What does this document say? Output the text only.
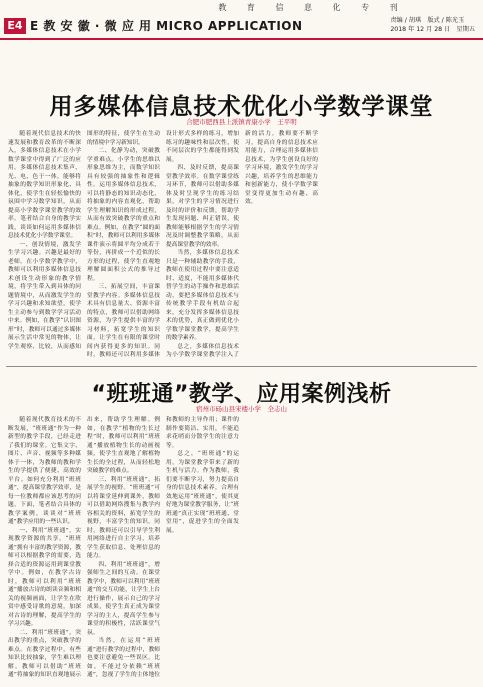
教 育 信 息 化 专 刊
E4 E 教 安 徽 · 微 应 用 MICRO APPLICATION	责编 / 胡琪　版式 / 陈光玉
2018 年 12 月 28 日　星期五
用多媒体信息技术优化小学数学课堂
合肥市肥西县上派镇青康小学　王平明

随着现代信息技术的快速发展和教育改革的不断深入，多媒体信息技术在小学数学课堂中得到了广泛的应用。多媒体信息技术集声、光、电、色于一体，能够将抽象的数学知识形象化、具体化，使学生在轻松愉快的氛围中学习数学知识，从而提高小学数学课堂教学的效率。笔者结合自身的教学实践，谈谈如何运用多媒体信息技术优化小学数学课堂。

一、创设情境，激发学生学习兴趣。兴趣是最好的老师。在小学数学教学中，教师可以利用多媒体信息技术创设生动形象的教学情境，将学生带入到具体的问题情境中，从而激发学生的学习兴趣和求知欲望，使学生主动参与到数学学习活动中来。例如，在教学“认识图形”时，教师可以通过多媒体展示生活中常见的物体，让学生观察、比较，从而感知图形的特征，使学生在生动的情境中学习新知识。

二、化静为动，突破教学重难点。小学生的思维以形象思维为主，而数学知识具有较强的抽象性和逻辑性。运用多媒体信息技术，可以将静态的知识动态化，将抽象的内容直观化，帮助学生理解知识的形成过程，从而有效突破教学的重点和难点。例如，在教学“圆的面积”时，教师可以利用多媒体课件演示将圆平均分成若干等份，再拼成一个近似的长方形的过程，使学生直观地理解圆面积公式的推导过程。

三、拓展空间，丰富课堂教学内容。多媒体信息技术具有信息量大、资源丰富的特点，教师可以借助网络资源，为学生提供丰富的学习材料，拓宽学生的知识面，让学生在有限的课堂时间内获得更多的知识。同时，教师还可以利用多媒体设计形式多样的练习，增加练习的趣味性和层次性，使不同层次的学生都能得到发展。

四、及时反馈，提高课堂教学效率。在数学课堂练习环节，教师可以借助多媒体及时呈现学生的练习结果，对学生的学习情况进行及时的评价和反馈，帮助学生发现问题、纠正错误，使教师能够根据学生的学习情况及时调整教学策略，从而提高课堂教学的效率。

当然，多媒体信息技术只是一种辅助教学的手段，教师在使用过程中要注意适时、适度，不能用多媒体代替学生的动手操作和思维活动，要把多媒体信息技术与传统教学手段有机结合起来，充分发挥多媒体信息技术的优势，真正做到优化小学数学课堂教学，提高学生的数学素养。

总之，多媒体信息技术为小学数学课堂教学注入了新的活力。教师要不断学习，提高自身的信息技术应用能力，合理运用多媒体信息技术，为学生创设良好的学习环境，激发学生的学习兴趣，培养学生的思维能力和创新能力，使小学数学课堂变得更加生动有趣、高效。

“班班通”教学、应用案例浅析
宿州市砀山县宋楼小学　全志山

随着现代教育技术的不断发展，“班班通”作为一种新型的教学手段，已经走进了我们的课堂。它集文字、图片、声音、视频等多种媒体于一体，为教师的教和学生的学提供了便捷、高效的平台。如何充分利用“班班通”，提高课堂教学效率，是每一位教师都应该思考的问题。下面，笔者结合具体的教学案例，谈谈对“班班通”教学应用的一些认识。

一、利用“班班通”，实现教学资源的共享。“班班通”拥有丰富的教学资源，教师可以根据教学的需要，选择合适的资源运用到课堂教学中。例如，在教学古诗时，教师可以利用“班班通”播放古诗的朗读音频和相关的视频画面，让学生在欣赏中感受诗歌的意境，加深对古诗的理解，提高学生的学习兴趣。

二、利用“班班通”，突出教学的重点，突破教学的难点。在教学过程中，有些知识比较抽象，学生难以理解。教师可以借助“班班通”将抽象的知识直观地展示出来，帮助学生理解。例如，在教学“植物的生长过程”时，教师可以利用“班班通”播放植物生长的动画视频，使学生直观地了解植物生长的全过程，从而轻松地突破教学的难点。

三、利用“班班通”，拓展学生的视野。“班班通”可以将课堂延伸到课外，教师可以借助网络搜集与教学内容相关的资料，拓宽学生的视野，丰富学生的知识。同时，教师还可以引导学生利用网络进行自主学习，培养学生获取信息、处理信息的能力。

四、利用“班班通”，增强师生之间的互动。在课堂教学中，教师可以利用“班班通”的交互功能，让学生上台进行操作，展示自己的学习成果，使学生真正成为课堂学习的主人，提高学生参与课堂的积极性，活跃课堂气氛。

当然，在运用“班班通”进行教学的过程中，教师也要注意避免一些误区。比如，不能过分依赖“班班通”，忽视了学生的主体地位和教师的主导作用；课件的制作要简洁、实用，不能追求花哨而分散学生的注意力等。

总之，“班班通”的运用，为课堂教学带来了新的生机与活力。作为教师，我们要不断学习，努力提高自身的信息技术素养，合理有效地运用“班班通”，使其更好地为课堂教学服务，让“班班通”真正实现“班班通、堂堂用”，促进学生的全面发展。
